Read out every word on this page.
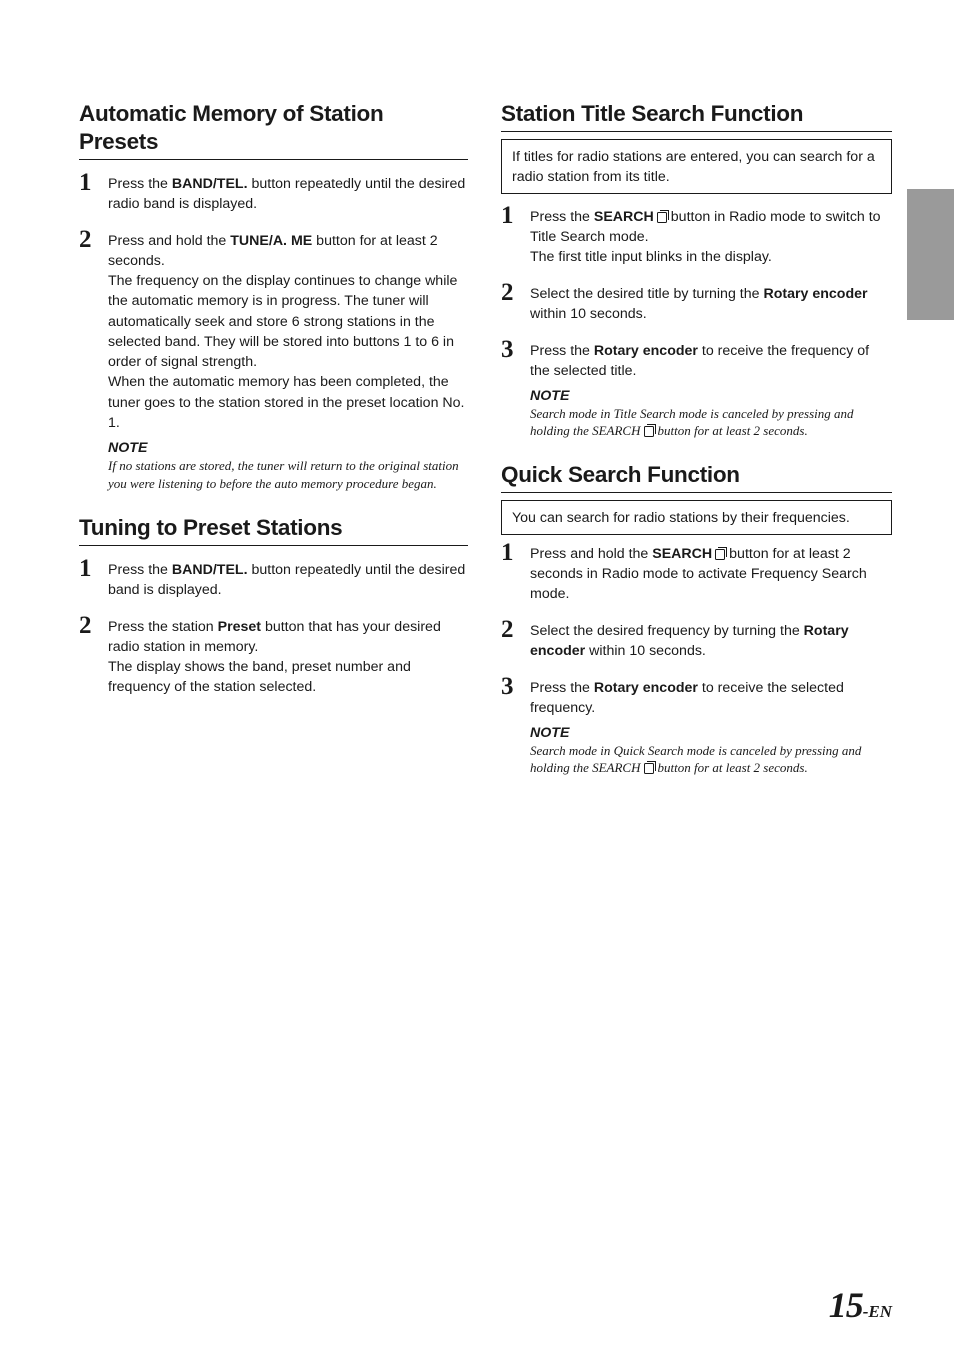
Automatic Memory of Station Presets
1 Press the BAND/TEL. button repeatedly until the desired radio band is displayed.

2 Press and hold the TUNE/A. ME button for at least 2 seconds.

The frequency on the display continues to change while the automatic memory is in progress. The tuner will automatically seek and store 6 strong stations in the selected band. They will be stored into buttons 1 to 6 in order of signal strength.

When the automatic memory has been completed, the tuner goes to the station stored in the preset location No. 1.

NOTE

If no stations are stored, the tuner will return to the original station you were listening to before the auto memory procedure began.

Tuning to Preset Stations
1 Press the BAND/TEL. button repeatedly until the desired band is displayed.

2 Press the station Preset button that has your desired radio station in memory.

The display shows the band, preset number and frequency of the station selected.

Station Title Search Function
If titles for radio stations are entered, you can search for a radio station from its title.
1 Press the SEARCH button in Radio mode to switch to Title Search mode.

The first title input blinks in the display.

2 Select the desired title by turning the Rotary encoder within 10 seconds.

3 Press the Rotary encoder to receive the frequency of the selected title.

NOTE

Search mode in Title Search mode is canceled by pressing and holding the SEARCH button for at least 2 seconds.

Quick Search Function
You can search for radio stations by their frequencies.
1 Press and hold the SEARCH button for at least 2 seconds in Radio mode to activate Frequency Search mode.

2 Select the desired frequency by turning the Rotary encoder within 10 seconds.

3 Press the Rotary encoder to receive the selected frequency.

NOTE

Search mode in Quick Search mode is canceled by pressing and holding the SEARCH button for at least 2 seconds.

15-EN
